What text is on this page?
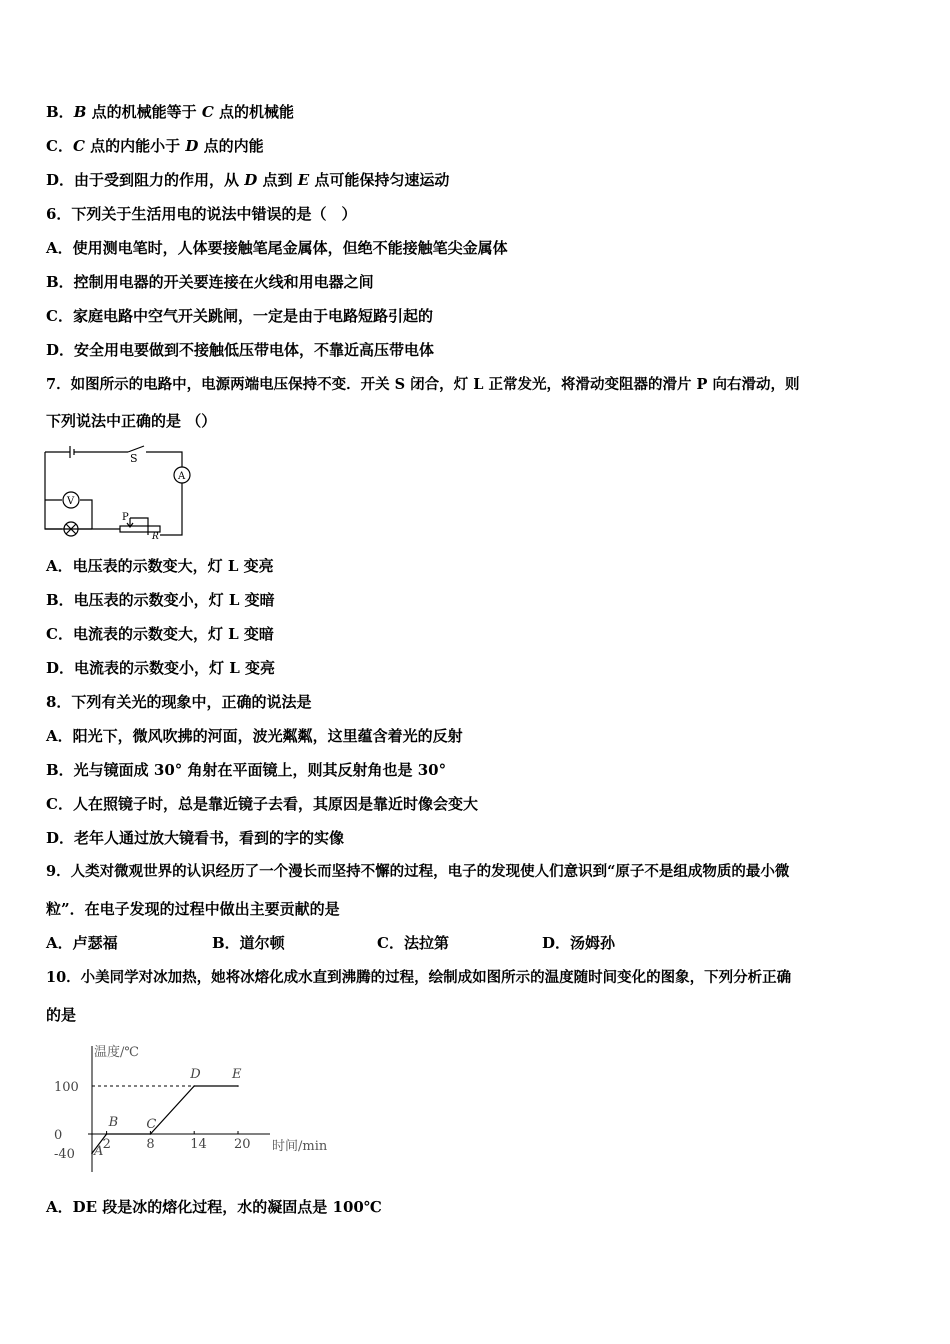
B．B 点的机械能等于 C 点的机械能
C．C 点的内能小于 D 点的内能
D．由于受到阻力的作用，从 D 点到 E 点可能保持匀速运动
6．下列关于生活用电的说法中错误的是（　）
A．使用测电笔时，人体要接触笔尾金属体，但绝不能接触笔尖金属体
B．控制用电器的开关要连接在火线和用电器之间
C．家庭电路中空气开关跳闸，一定是由于电路短路引起的
D．安全用电要做到不接触低压带电体，不靠近高压带电体
7．如图所示的电路中，电源两端电压保持不变．开关 S 闭合，灯 L 正常发光，将滑动变阻器的滑片 P 向右滑动，则
下列说法中正确的是 （）
S
A
V
P
R
A．电压表的示数变大，灯 L 变亮
B．电压表的示数变小，灯 L 变暗
C．电流表的示数变大，灯 L 变暗
D．电流表的示数变小，灯 L 变亮
8．下列有关光的现象中，正确的说法是
A．阳光下，微风吹拂的河面，波光粼粼，这里蕴含着光的反射
B．光与镜面成 30° 角射在平面镜上，则其反射角也是 30°
C．人在照镜子时，总是靠近镜子去看，其原因是靠近时像会变大
D．老年人通过放大镜看书，看到的字的实像
9．人类对微观世界的认识经历了一个漫长而坚持不懈的过程，电子的发现使人们意识到“原子不是组成物质的最小微
粒”．在电子发现的过程中做出主要贡献的是
A．卢瑟福	B．道尔顿	C．法拉第	D．汤姆孙
10．小美同学对冰加热，她将冰熔化成水直到沸腾的过程，绘制成如图所示的温度随时间变化的图象，下列分析正确
的是
温度/℃
时间/min
2	8	14 20
100
0
-40 A
B C
D E
A．DE 段是冰的熔化过程，水的凝固点是 100℃
